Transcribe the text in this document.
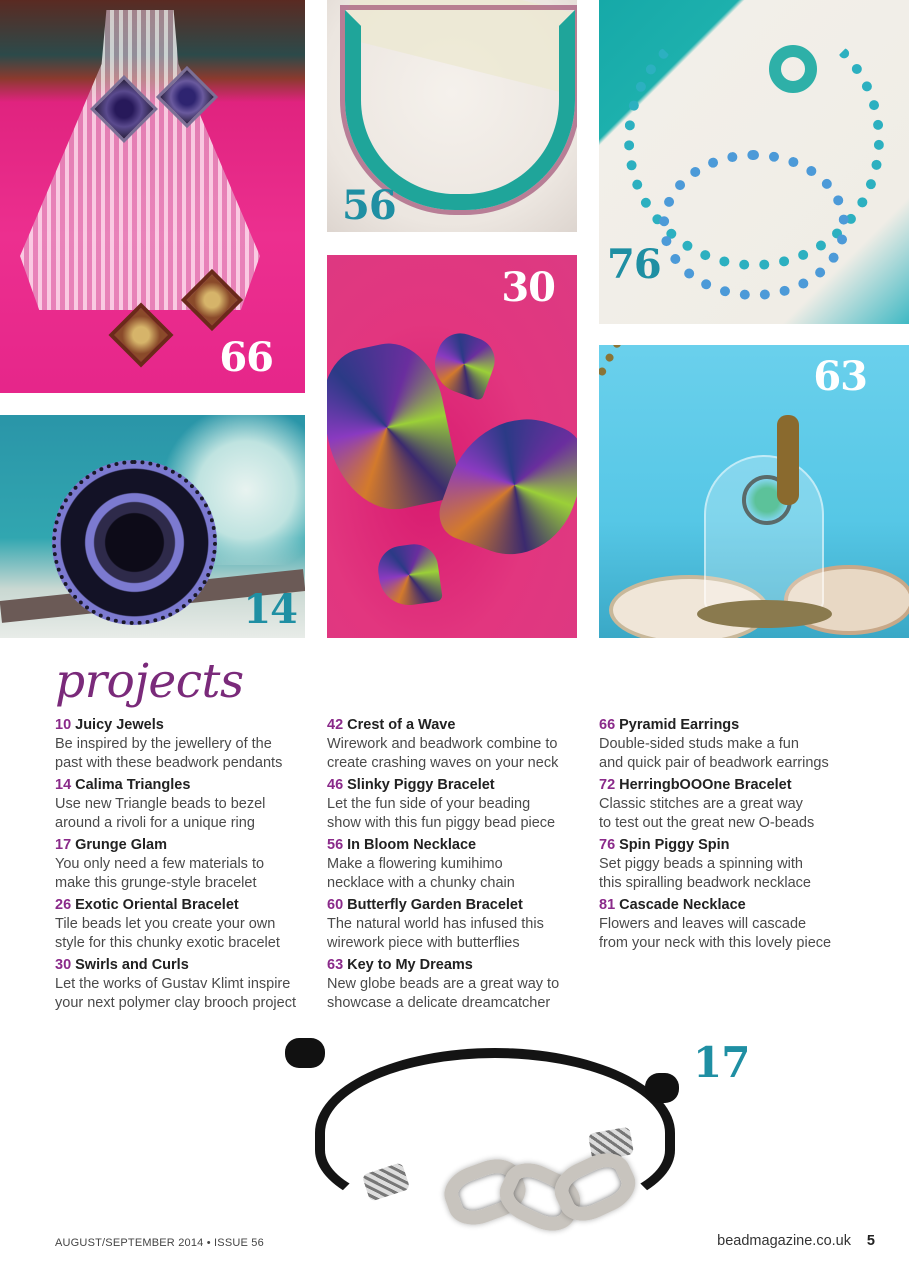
66
56
30 76
63
14
projects
10 Juicy Jewels
Be inspired by the jewellery of the
past with these beadwork pendants
14 Calima Triangles
Use new Triangle beads to bezel
around a rivoli for a unique ring
17 Grunge Glam
You only need a few materials to
make this grunge-style bracelet
26 Exotic Oriental Bracelet
Tile beads let you create your own
style for this chunky exotic bracelet
30 Swirls and Curls
Let the works of Gustav Klimt inspire
your next polymer clay brooch project
42 Crest of a Wave
Wirework and beadwork combine to
create crashing waves on your neck
46 Slinky Piggy Bracelet
Let the fun side of your beading
show with this fun piggy bead piece
56 In Bloom Necklace
Make a flowering kumihimo
necklace with a chunky chain
60 Butterfly Garden Bracelet
The natural world has infused this
wirework piece with butterflies
63 Key to My Dreams
New globe beads are a great way to
showcase a delicate dreamcatcher
66 Pyramid Earrings
Double-sided studs make a fun
and quick pair of beadwork earrings
72 HerringbOOOne Bracelet
Classic stitches are a great way
to test out the great new O-beads
76 Spin Piggy Spin
Set piggy beads a spinning with
this spiralling beadwork necklace
81 Cascade Necklace
Flowers and leaves will cascade
from your neck with this lovely piece
17
AUGUST/SEPTEMBER 2014 • ISSUE 56	beadmagazine.co.uk 5
